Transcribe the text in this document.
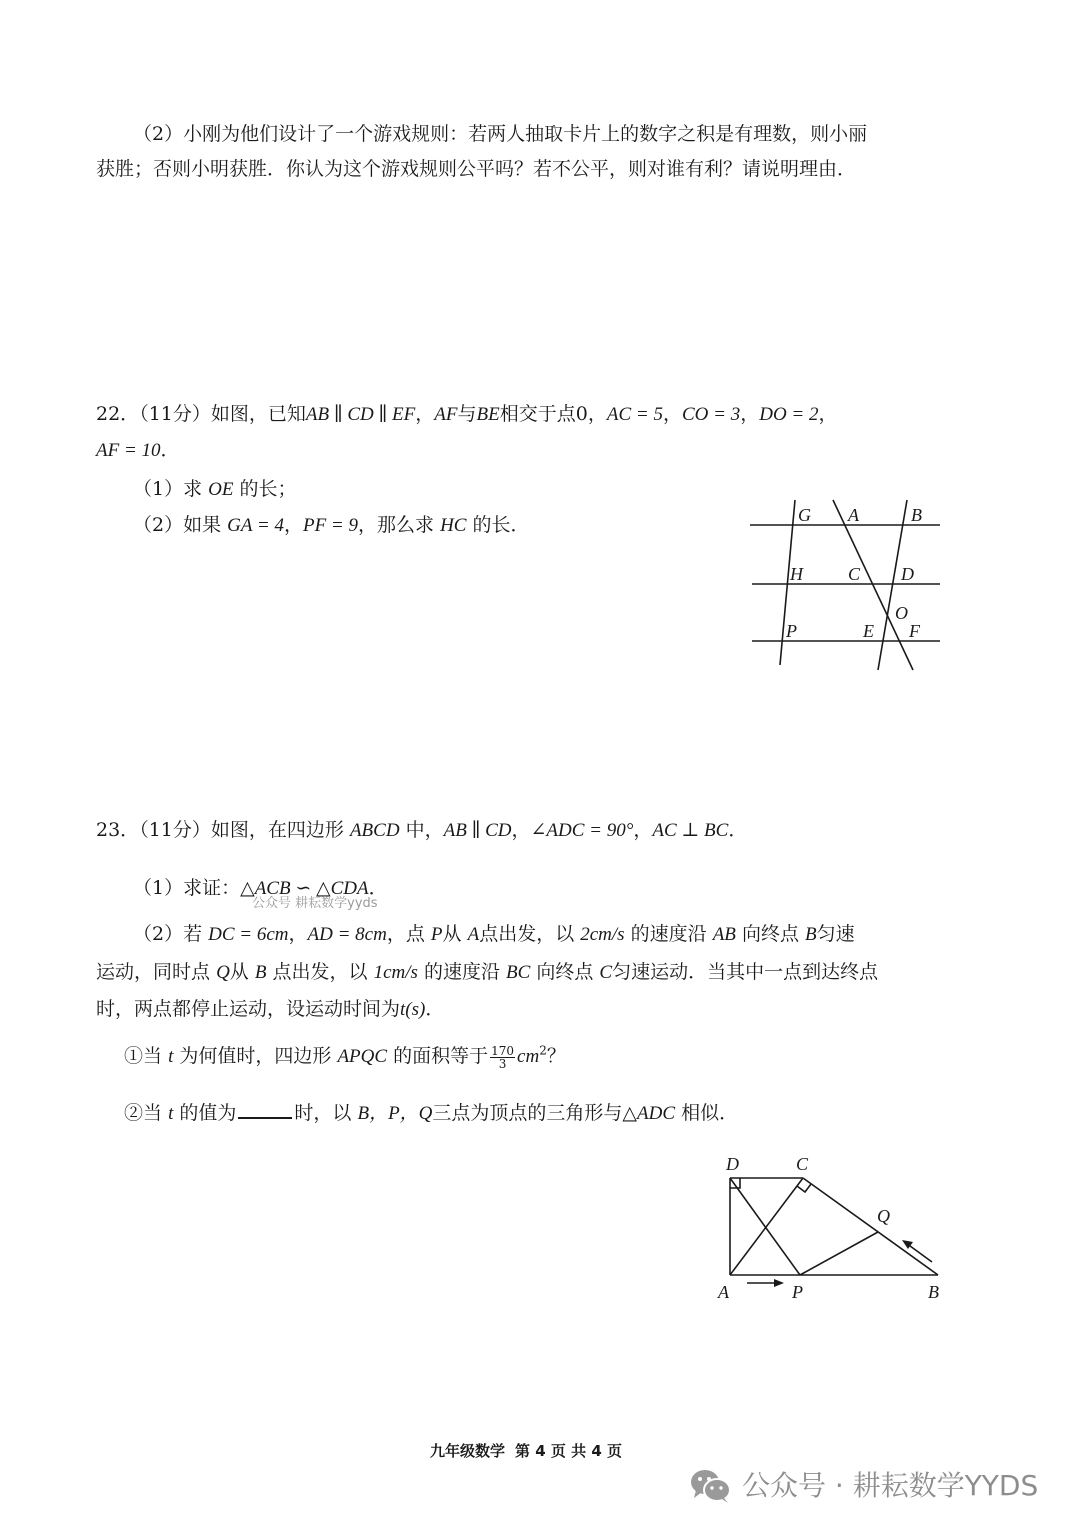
（2）小刚为他们设计了一个游戏规则：若两人抽取卡片上的数字之积是有理数，则小丽
获胜；否则小明获胜．你认为这个游戏规则公平吗？若不公平，则对谁有利？请说明理由．
22．（11分）如图，已知AB ∥ CD ∥ EF，AF与BE相交于点0，AC = 5，CO = 3，DO = 2，
AF = 10．
（1）求 OE 的长；
（2）如果 GA = 4，PF = 9，那么求 HC 的长．	G A	B
H	C D
O
P	E F
23．（11分）如图，在四边形 ABCD 中，AB ∥ CD，∠ADC = 90°，AC ⊥ BC．
（1）求证：△ACB ∽ △CDA．
公众号 耕耘数学yyds
（2）若 DC = 6cm，AD = 8cm，点 P从 A点出发，以 2cm/s 的速度沿 AB 向终点 B匀速
运动，同时点 Q从 B 点出发，以 1cm/s 的速度沿 BC 向终点 C匀速运动．当其中一点到达终点
时，两点都停止运动，设运动时间为t(s)．
①当 t 为何值时，四边形 APQC 的面积等于 $\frac{170}{3} cm^2$？
②当 t 的值为	时，以 B，P，Q三点为顶点的三角形与△ADC 相似．
D	C
Q
A	P	B
九年级数学 第 4 页 共 4 页
公众号 · 耕耘数学YYDS
